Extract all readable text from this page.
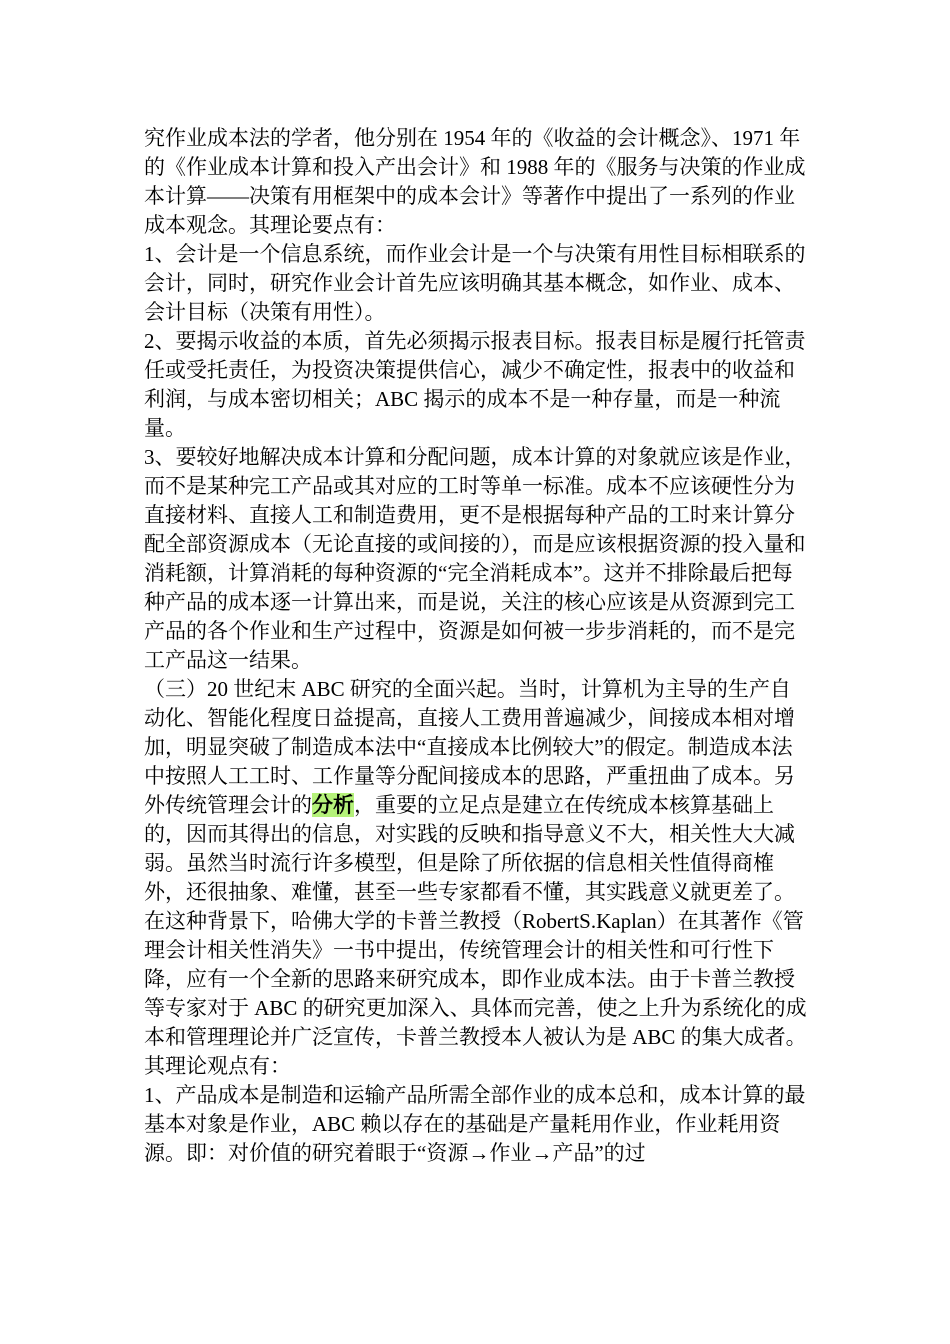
究作业成本法的学者，他分别在 1954 年的《收益的会计概念》、1971 年的《作业成本计算和投入产出会计》和 1988 年的《服务与决策的作业成本计算——决策有用框架中的成本会计》等著作中提出了一系列的作业成本观念。其理论要点有：

1、会计是一个信息系统，而作业会计是一个与决策有用性目标相联系的会计，同时，研究作业会计首先应该明确其基本概念，如作业、成本、会计目标（决策有用性）。

2、要揭示收益的本质，首先必须揭示报表目标。报表目标是履行托管责任或受托责任，为投资决策提供信心，减少不确定性，报表中的收益和利润，与成本密切相关；ABC 揭示的成本不是一种存量，而是一种流量。

3、要较好地解决成本计算和分配问题，成本计算的对象就应该是作业，而不是某种完工产品或其对应的工时等单一标准。成本不应该硬性分为直接材料、直接人工和制造费用，更不是根据每种产品的工时来计算分配全部资源成本（无论直接的或间接的），而是应该根据资源的投入量和消耗额，计算消耗的每种资源的“完全消耗成本”。这并不排除最后把每种产品的成本逐一计算出来，而是说，关注的核心应该是从资源到完工产品的各个作业和生产过程中，资源是如何被一步步消耗的，而不是完工产品这一结果。

（三）20 世纪末 ABC 研究的全面兴起。当时，计算机为主导的生产自动化、智能化程度日益提高，直接人工费用普遍减少，间接成本相对增加，明显突破了制造成本法中“直接成本比例较大”的假定。制造成本法中按照人工工时、工作量等分配间接成本的思路，严重扭曲了成本。另外传统管理会计的分析，重要的立足点是建立在传统成本核算基础上的，因而其得出的信息，对实践的反映和指导意义不大，相关性大大减弱。虽然当时流行许多模型，但是除了所依据的信息相关性值得商榷外，还很抽象、难懂，甚至一些专家都看不懂，其实践意义就更差了。在这种背景下，哈佛大学的卡普兰教授（RobertS.Kaplan）在其著作《管理会计相关性消失》一书中提出，传统管理会计的相关性和可行性下降，应有一个全新的思路来研究成本，即作业成本法。由于卡普兰教授等专家对于 ABC 的研究更加深入、具体而完善，使之上升为系统化的成本和管理理论并广泛宣传，卡普兰教授本人被认为是 ABC 的集大成者。其理论观点有：

1、产品成本是制造和运输产品所需全部作业的成本总和，成本计算的最基本对象是作业，ABC 赖以存在的基础是产量耗用作业，作业耗用资源。即：对价值的研究着眼于“资源→作业→产品”的过
